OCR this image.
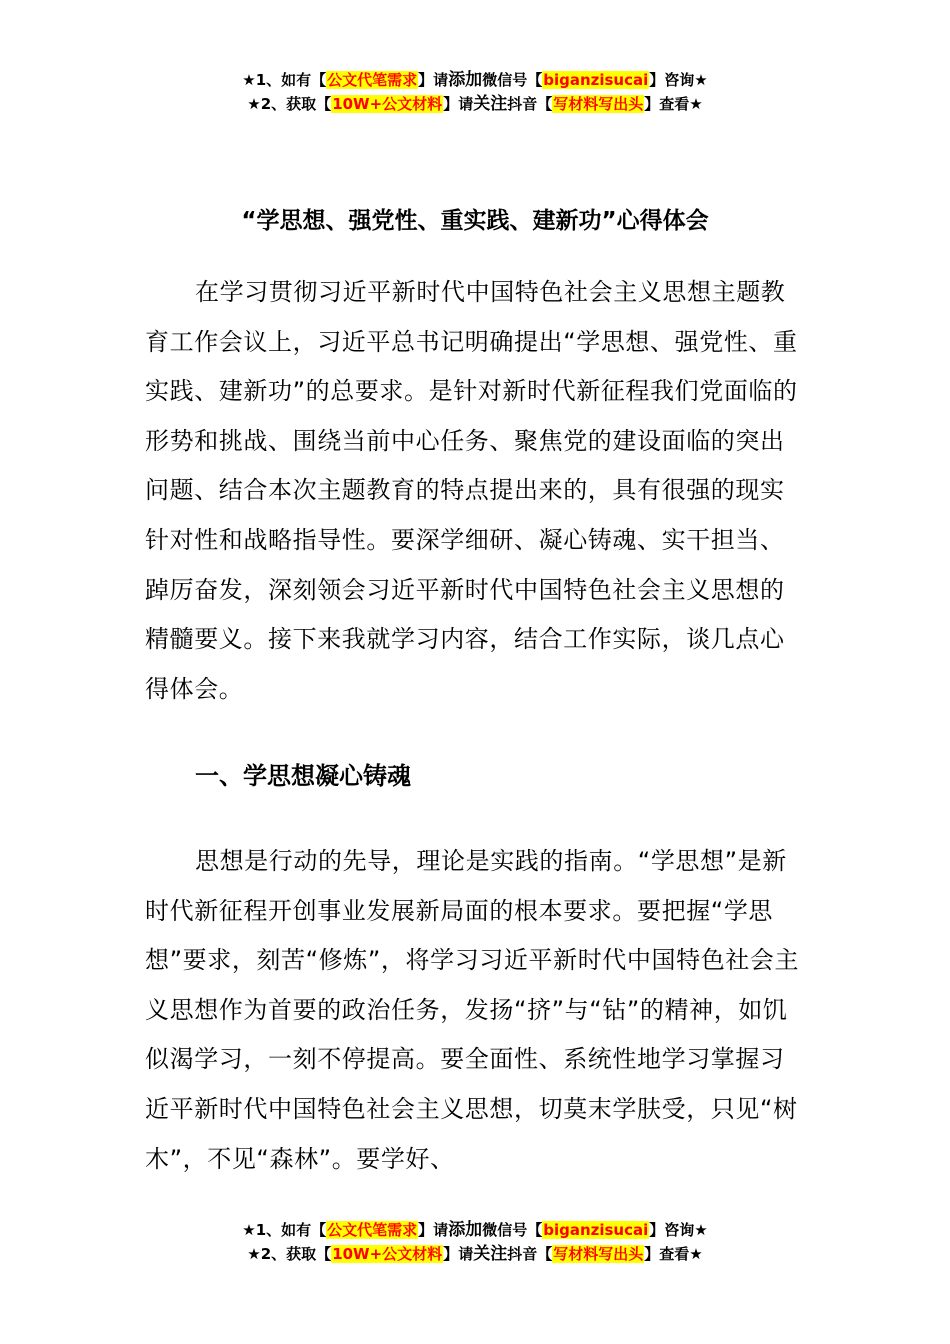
★1、如有【公文代笔需求】请添加微信号【biganzisucai】咨询★
★2、获取【10W+公文材料】请关注抖音【写材料写出头】查看★
“学思想、强党性、重实践、建新功”心得体会

在学习贯彻习近平新时代中国特色社会主义思想主题教育工作会议上，习近平总书记明确提出“学思想、强党性、重实践、建新功”的总要求。是针对新时代新征程我们党面临的形势和挑战、围绕当前中心任务、聚焦党的建设面临的突出问题、结合本次主题教育的特点提出来的，具有很强的现实针对性和战略指导性。要深学细研、凝心铸魂、实干担当、踔厉奋发，深刻领会习近平新时代中国特色社会主义思想的精髓要义。接下来我就学习内容，结合工作实际，谈几点心得体会。

一、学思想凝心铸魂

思想是行动的先导，理论是实践的指南。“学思想”是新时代新征程开创事业发展新局面的根本要求。要把握“学思想”要求，刻苦“修炼”，将学习习近平新时代中国特色社会主义思想作为首要的政治任务，发扬“挤”与“钻”的精神，如饥似渴学习，一刻不停提高。要全面性、系统性地学习掌握习近平新时代中国特色社会主义思想，切莫末学肤受，只见“树木”，不见“森林”。要学好、

★1、如有【公文代笔需求】请添加微信号【biganzisucai】咨询★
★2、获取【10W+公文材料】请关注抖音【写材料写出头】查看★
